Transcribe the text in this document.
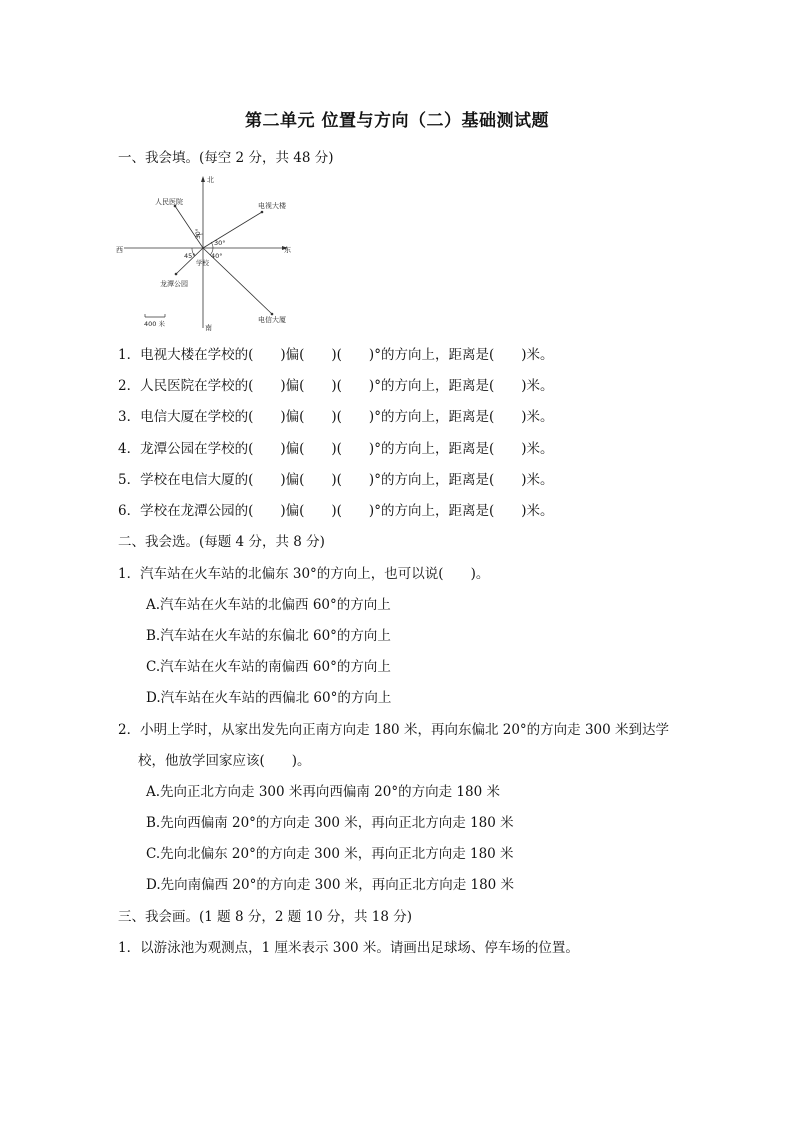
第二单元 位置与方向（二）基础测试题
一、我会填。(每空 2 分，共 48 分)
北
南
东
西
人民医院	电视大楼
电信大厦
龙潭公园
学校
30°
30°
40°
45°
400 米
1．电视大楼在学校的(　　)偏(　　)(　　)°的方向上，距离是(　　)米。
2．人民医院在学校的(　　)偏(　　)(　　)°的方向上，距离是(　　)米。
3．电信大厦在学校的(　　)偏(　　)(　　)°的方向上，距离是(　　)米。
4．龙潭公园在学校的(　　)偏(　　)(　　)°的方向上，距离是(　　)米。
5．学校在电信大厦的(　　)偏(　　)(　　)°的方向上，距离是(　　)米。
6．学校在龙潭公园的(　　)偏(　　)(　　)°的方向上，距离是(　　)米。
二、我会选。(每题 4 分，共 8 分)
1．汽车站在火车站的北偏东 30°的方向上，也可以说(　　)。
A.汽车站在火车站的北偏西 60°的方向上
B.汽车站在火车站的东偏北 60°的方向上
C.汽车站在火车站的南偏西 60°的方向上
D.汽车站在火车站的西偏北 60°的方向上
2．小明上学时，从家出发先向正南方向走 180 米，再向东偏北 20°的方向走 300 米到达学
校，他放学回家应该(　　)。
A.先向正北方向走 300 米再向西偏南 20°的方向走 180 米
B.先向西偏南 20°的方向走 300 米，再向正北方向走 180 米
C.先向北偏东 20°的方向走 300 米，再向正北方向走 180 米
D.先向南偏西 20°的方向走 300 米，再向正北方向走 180 米
三、我会画。(1 题 8 分，2 题 10 分，共 18 分)
1．以游泳池为观测点，1 厘米表示 300 米。请画出足球场、停车场的位置。
